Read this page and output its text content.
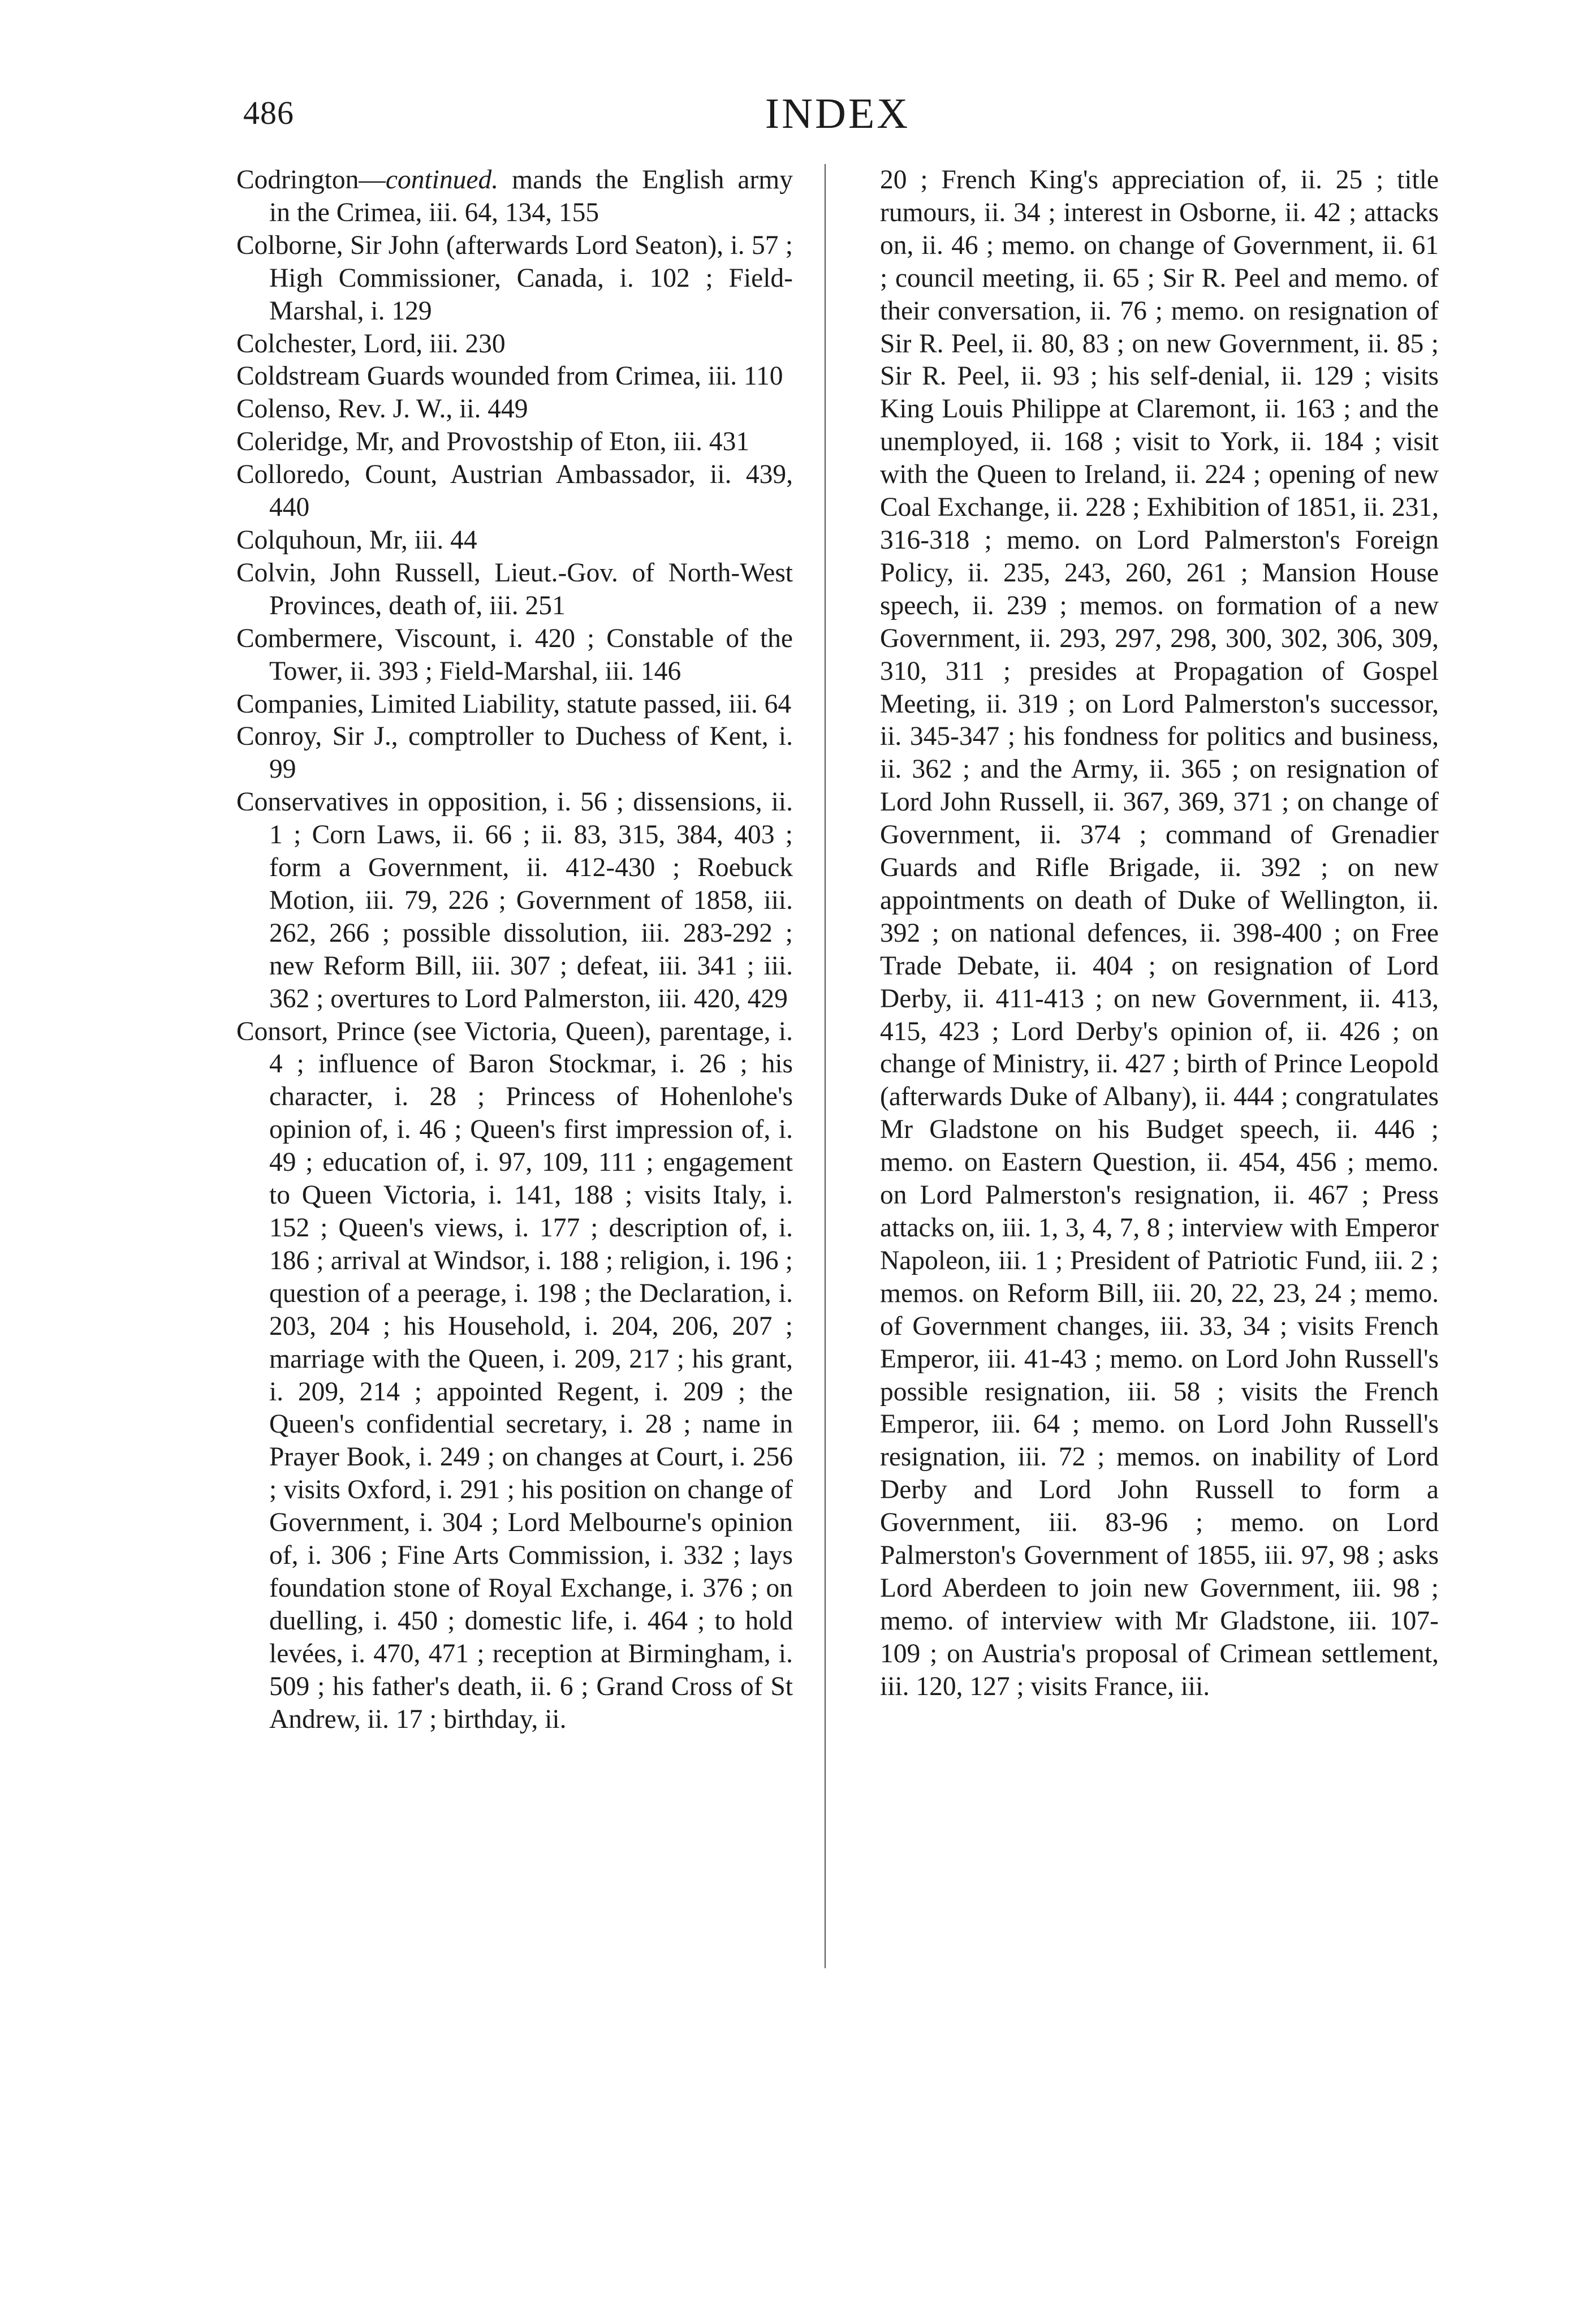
486	INDEX

Codrington—continued. mands the English army in the Crimea, iii. 64, 134, 155

Colborne, Sir John (afterwards Lord Seaton), i. 57 ; High Commissioner, Canada, i. 102 ; Field-Marshal, i. 129

Colchester, Lord, iii. 230

Coldstream Guards wounded from Crimea, iii. 110

Colenso, Rev. J. W., ii. 449

Coleridge, Mr, and Provostship of Eton, iii. 431

Colloredo, Count, Austrian Ambassador, ii. 439, 440

Colquhoun, Mr, iii. 44

Colvin, John Russell, Lieut.-Gov. of North-West Provinces, death of, iii. 251

Combermere, Viscount, i. 420 ; Constable of the Tower, ii. 393 ; Field-Marshal, iii. 146

Companies, Limited Liability, statute passed, iii. 64

Conroy, Sir J., comptroller to Duchess of Kent, i. 99

Conservatives in opposition, i. 56 ; dissensions, ii. 1 ; Corn Laws, ii. 66 ; ii. 83, 315, 384, 403 ; form a Government, ii. 412-430 ; Roebuck Motion, iii. 79, 226 ; Government of 1858, iii. 262, 266 ; possible dissolution, iii. 283-292 ; new Reform Bill, iii. 307 ; defeat, iii. 341 ; iii. 362 ; overtures to Lord Palmerston, iii. 420, 429

Consort, Prince (see Victoria, Queen), parentage, i. 4 ; influence of Baron Stockmar, i. 26 ; his character, i. 28 ; Princess of Hohenlohe's opinion of, i. 46 ; Queen's first impression of, i. 49 ; education of, i. 97, 109, 111 ; engagement to Queen Victoria, i. 141, 188 ; visits Italy, i. 152 ; Queen's views, i. 177 ; description of, i. 186 ; arrival at Windsor, i. 188 ; religion, i. 196 ; question of a peerage, i. 198 ; the Declaration, i. 203, 204 ; his Household, i. 204, 206, 207 ; marriage with the Queen, i. 209, 217 ; his grant, i. 209, 214 ; appointed Regent, i. 209 ; the Queen's confidential secretary, i. 28 ; name in Prayer Book, i. 249 ; on changes at Court, i. 256 ; visits Oxford, i. 291 ; his position on change of Government, i. 304 ; Lord Melbourne's opinion of, i. 306 ; Fine Arts Commission, i. 332 ; lays foundation stone of Royal Exchange, i. 376 ; on duelling, i. 450 ; domestic life, i. 464 ; to hold levées, i. 470, 471 ; reception at Birmingham, i. 509 ; his father's death, ii. 6 ; Grand Cross of St Andrew, ii. 17 ; birthday, ii.

20 ; French King's appreciation of, ii. 25 ; title rumours, ii. 34 ; interest in Osborne, ii. 42 ; attacks on, ii. 46 ; memo. on change of Government, ii. 61 ; council meeting, ii. 65 ; Sir R. Peel and memo. of their conversation, ii. 76 ; memo. on resignation of Sir R. Peel, ii. 80, 83 ; on new Government, ii. 85 ; Sir R. Peel, ii. 93 ; his self-denial, ii. 129 ; visits King Louis Philippe at Claremont, ii. 163 ; and the unemployed, ii. 168 ; visit to York, ii. 184 ; visit with the Queen to Ireland, ii. 224 ; opening of new Coal Exchange, ii. 228 ; Exhibition of 1851, ii. 231, 316-318 ; memo. on Lord Palmerston's Foreign Policy, ii. 235, 243, 260, 261 ; Mansion House speech, ii. 239 ; memos. on formation of a new Government, ii. 293, 297, 298, 300, 302, 306, 309, 310, 311 ; presides at Propagation of Gospel Meeting, ii. 319 ; on Lord Palmerston's successor, ii. 345-347 ; his fondness for politics and business, ii. 362 ; and the Army, ii. 365 ; on resignation of Lord John Russell, ii. 367, 369, 371 ; on change of Government, ii. 374 ; command of Grenadier Guards and Rifle Brigade, ii. 392 ; on new appointments on death of Duke of Wellington, ii. 392 ; on national defences, ii. 398-400 ; on Free Trade Debate, ii. 404 ; on resignation of Lord Derby, ii. 411-413 ; on new Government, ii. 413, 415, 423 ; Lord Derby's opinion of, ii. 426 ; on change of Ministry, ii. 427 ; birth of Prince Leopold (afterwards Duke of Albany), ii. 444 ; congratulates Mr Gladstone on his Budget speech, ii. 446 ; memo. on Eastern Question, ii. 454, 456 ; memo. on Lord Palmerston's resignation, ii. 467 ; Press attacks on, iii. 1, 3, 4, 7, 8 ; interview with Emperor Napoleon, iii. 1 ; President of Patriotic Fund, iii. 2 ; memos. on Reform Bill, iii. 20, 22, 23, 24 ; memo. of Government changes, iii. 33, 34 ; visits French Emperor, iii. 41-43 ; memo. on Lord John Russell's possible resignation, iii. 58 ; visits the French Emperor, iii. 64 ; memo. on Lord John Russell's resignation, iii. 72 ; memos. on inability of Lord Derby and Lord John Russell to form a Government, iii. 83-96 ; memo. on Lord Palmerston's Government of 1855, iii. 97, 98 ; asks Lord Aberdeen to join new Government, iii. 98 ; memo. of interview with Mr Gladstone, iii. 107-109 ; on Austria's proposal of Crimean settlement, iii. 120, 127 ; visits France, iii.
